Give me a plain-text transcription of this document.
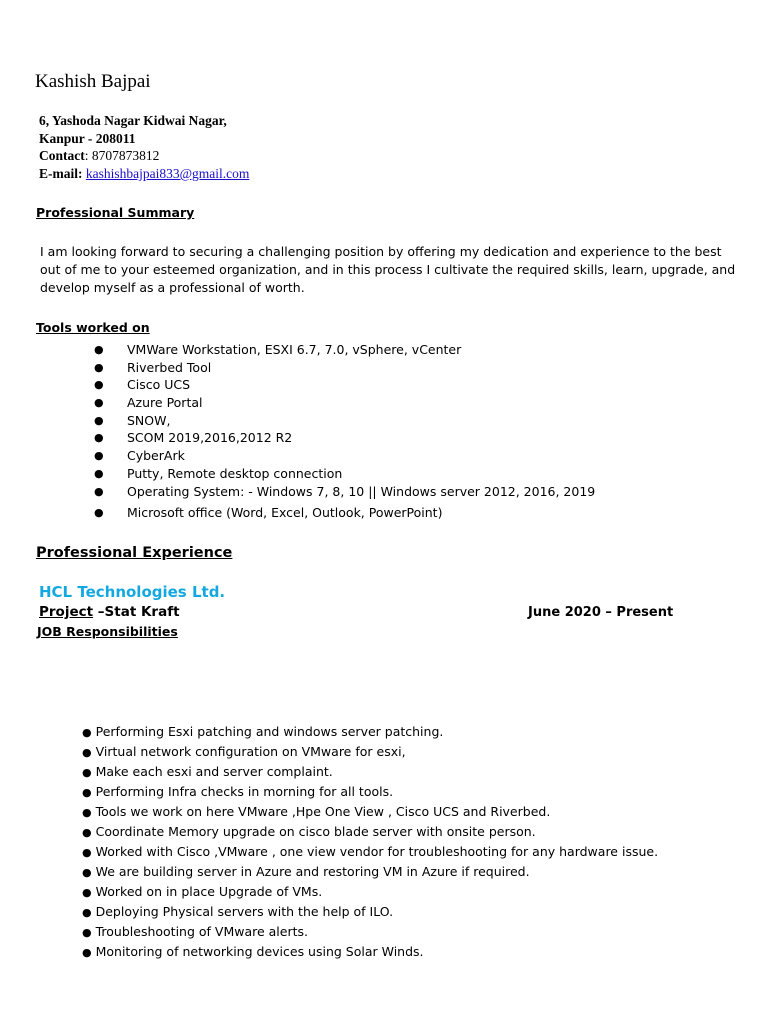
Kashish Bajpai
6, Yashoda Nagar Kidwai Nagar,
Kanpur - 208011
Contact: 8707873812
E-mail: kashishbajpai833@gmail.com
Professional Summary
I am looking forward to securing a challenging position by offering my dedication and experience to the best out of me to your esteemed organization, and in this process I cultivate the required skills, learn, upgrade, and develop myself as a professional of worth.
Tools worked on
● VMWare Workstation, ESXI 6.7, 7.0, vSphere, vCenter
● Riverbed Tool
● Cisco UCS
● Azure Portal
● SNOW,
● SCOM 2019,2016,2012 R2
● CyberArk
● Putty, Remote desktop connection
● Operating System: - Windows 7, 8, 10 || Windows server 2012, 2016, 2019
● Microsoft office (Word, Excel, Outlook, PowerPoint)
Professional Experience
HCL Technologies Ltd.
Project –Stat Kraft	June 2020 – Present
JOB Responsibilities
● Performing Esxi patching and windows server patching.
● Virtual network configuration on VMware for esxi,
● Make each esxi and server complaint.
● Performing Infra checks in morning for all tools.
● Tools we work on here VMware ,Hpe One View , Cisco UCS and Riverbed.
● Coordinate Memory upgrade on cisco blade server with onsite person.
● Worked with Cisco ,VMware , one view vendor for troubleshooting for any hardware issue.
● We are building server in Azure and restoring VM in Azure if required.
● Worked on in place Upgrade of VMs.
● Deploying Physical servers with the help of ILO.
● Troubleshooting of VMware alerts.
● Monitoring of networking devices using Solar Winds.
